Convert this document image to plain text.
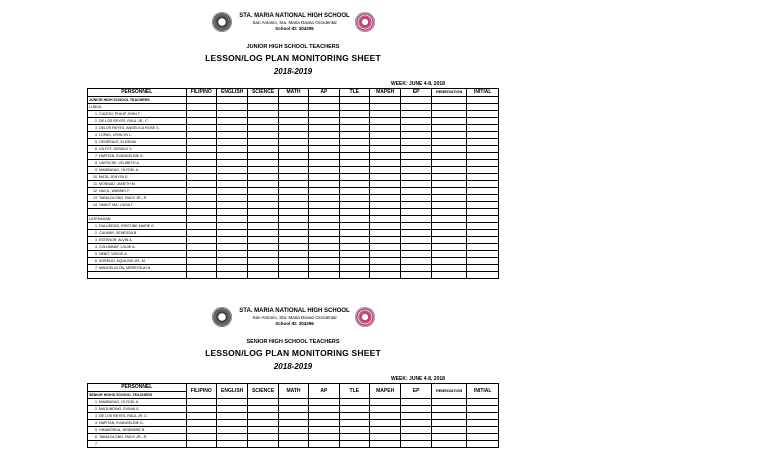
STA. MARIA NATIONAL HIGH SCHOOL
San Antonio, Sta. Maria Davao Occidental
School ID: 304296
JUNIOR HIGH SCHOOL TEACHERS
LESSON/LOG PLAN MONITORING SHEET
2018-2019
WEEK: JUNE 4-8, 2018
PERSONNEL		FILIPINO	ENGLISH	SCIENCE	MATH	AP	TLE	MAPEH	EP	REMEDIATION	INITIAL
JUNIOR HIGH SCHOOL TEACHERS											
LUNGA											
1	CUIZON, PHILIP JOHN T.										
2	DE LOS REYES, RAUL JR., C.										
3	DELOS REYES, ANGELICA ROSE S.										
4	LOPAS, CRISLYN L.										
5	GENERALE, ELIDENA										
6	GUYOT, GERALD V.										
7	HAPITAN, EVANGELINE G.										
8	LANTICSE, LELIBETH A.										
9	MAMBAYAO, GLYDEL A.										
10	MATA, JENYFA G.										
11	MONSAD, JANETH M.										
12	NACIL, WANNIO F.										
13	TABULDLONG, RUDY JR., R.										
14	YABUT, MA. LUISA T.										

LATEHAGAN											
1	DALUSDOG, KRISTINE MARIE G.										
2	CAUMAY, GENESSA B.										
3	ESTENOR, ALVIN A.										
4	COLUMNAT, LOUIE A.										
5	NEBIT, VIRGIE A.										
6	SORENO, AQUILINO JR., M.										
7	MANGELAYON, MERRYSUN N.										

STA. MARIA NATIONAL HIGH SCHOOL
San Antonio, Sta. Maria Davao Occidental
School ID: 304296
SENIOR HIGH SCHOOL TEACHERS
LESSON/LOG PLAN MONITORING SHEET
2018-2019
WEEK: JUNE 4-8, 2018
PERSONNEL		FILIPINO	ENGLISH	SCIENCE	MATH	AP	TLE	MAPEH	EP	REMEDIATION	INITIAL
SENIOR HIGHS SCHOOL TEACHERS											
1	MAMBAYAO, GLYDEL A.										
2	MAGUNDING, EVINIA G.										
3	DE LOS REYES, RAUL JR. C.										
4	HAPITAN, EVANGELINE G.										
5	HIKABORDA, JENEBEBE B.										
6	TABULDLONG, RUDY JR., R.										
7											
